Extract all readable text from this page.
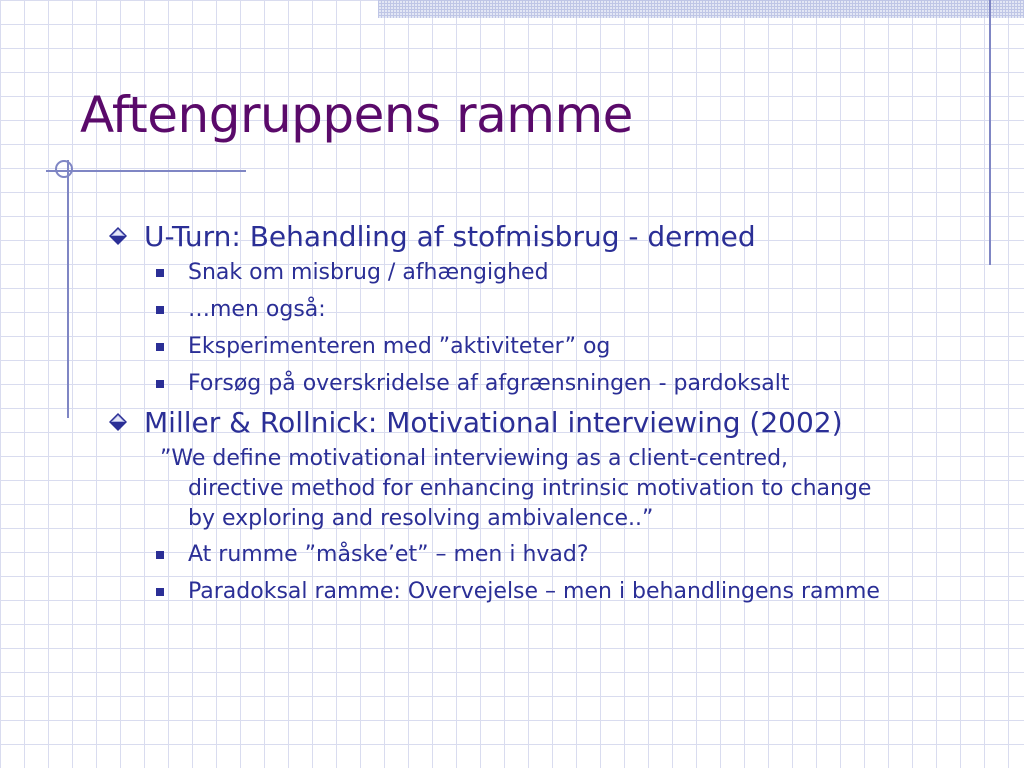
Aftengruppens ramme
U-Turn: Behandling af stofmisbrug - dermed
Snak om misbrug / afhængighed
…men også:
Eksperimenteren med ”aktiviteter” og
Forsøg på overskridelse af afgrænsningen - pardoksalt
Miller & Rollnick: Motivational interviewing (2002)
”We define motivational interviewing as a client-centred, directive method for enhancing intrinsic motivation to change by exploring and resolving ambivalence..”
At rumme ”måske’et” – men i hvad?
Paradoksal ramme: Overvejelse – men i behandlingens ramme
